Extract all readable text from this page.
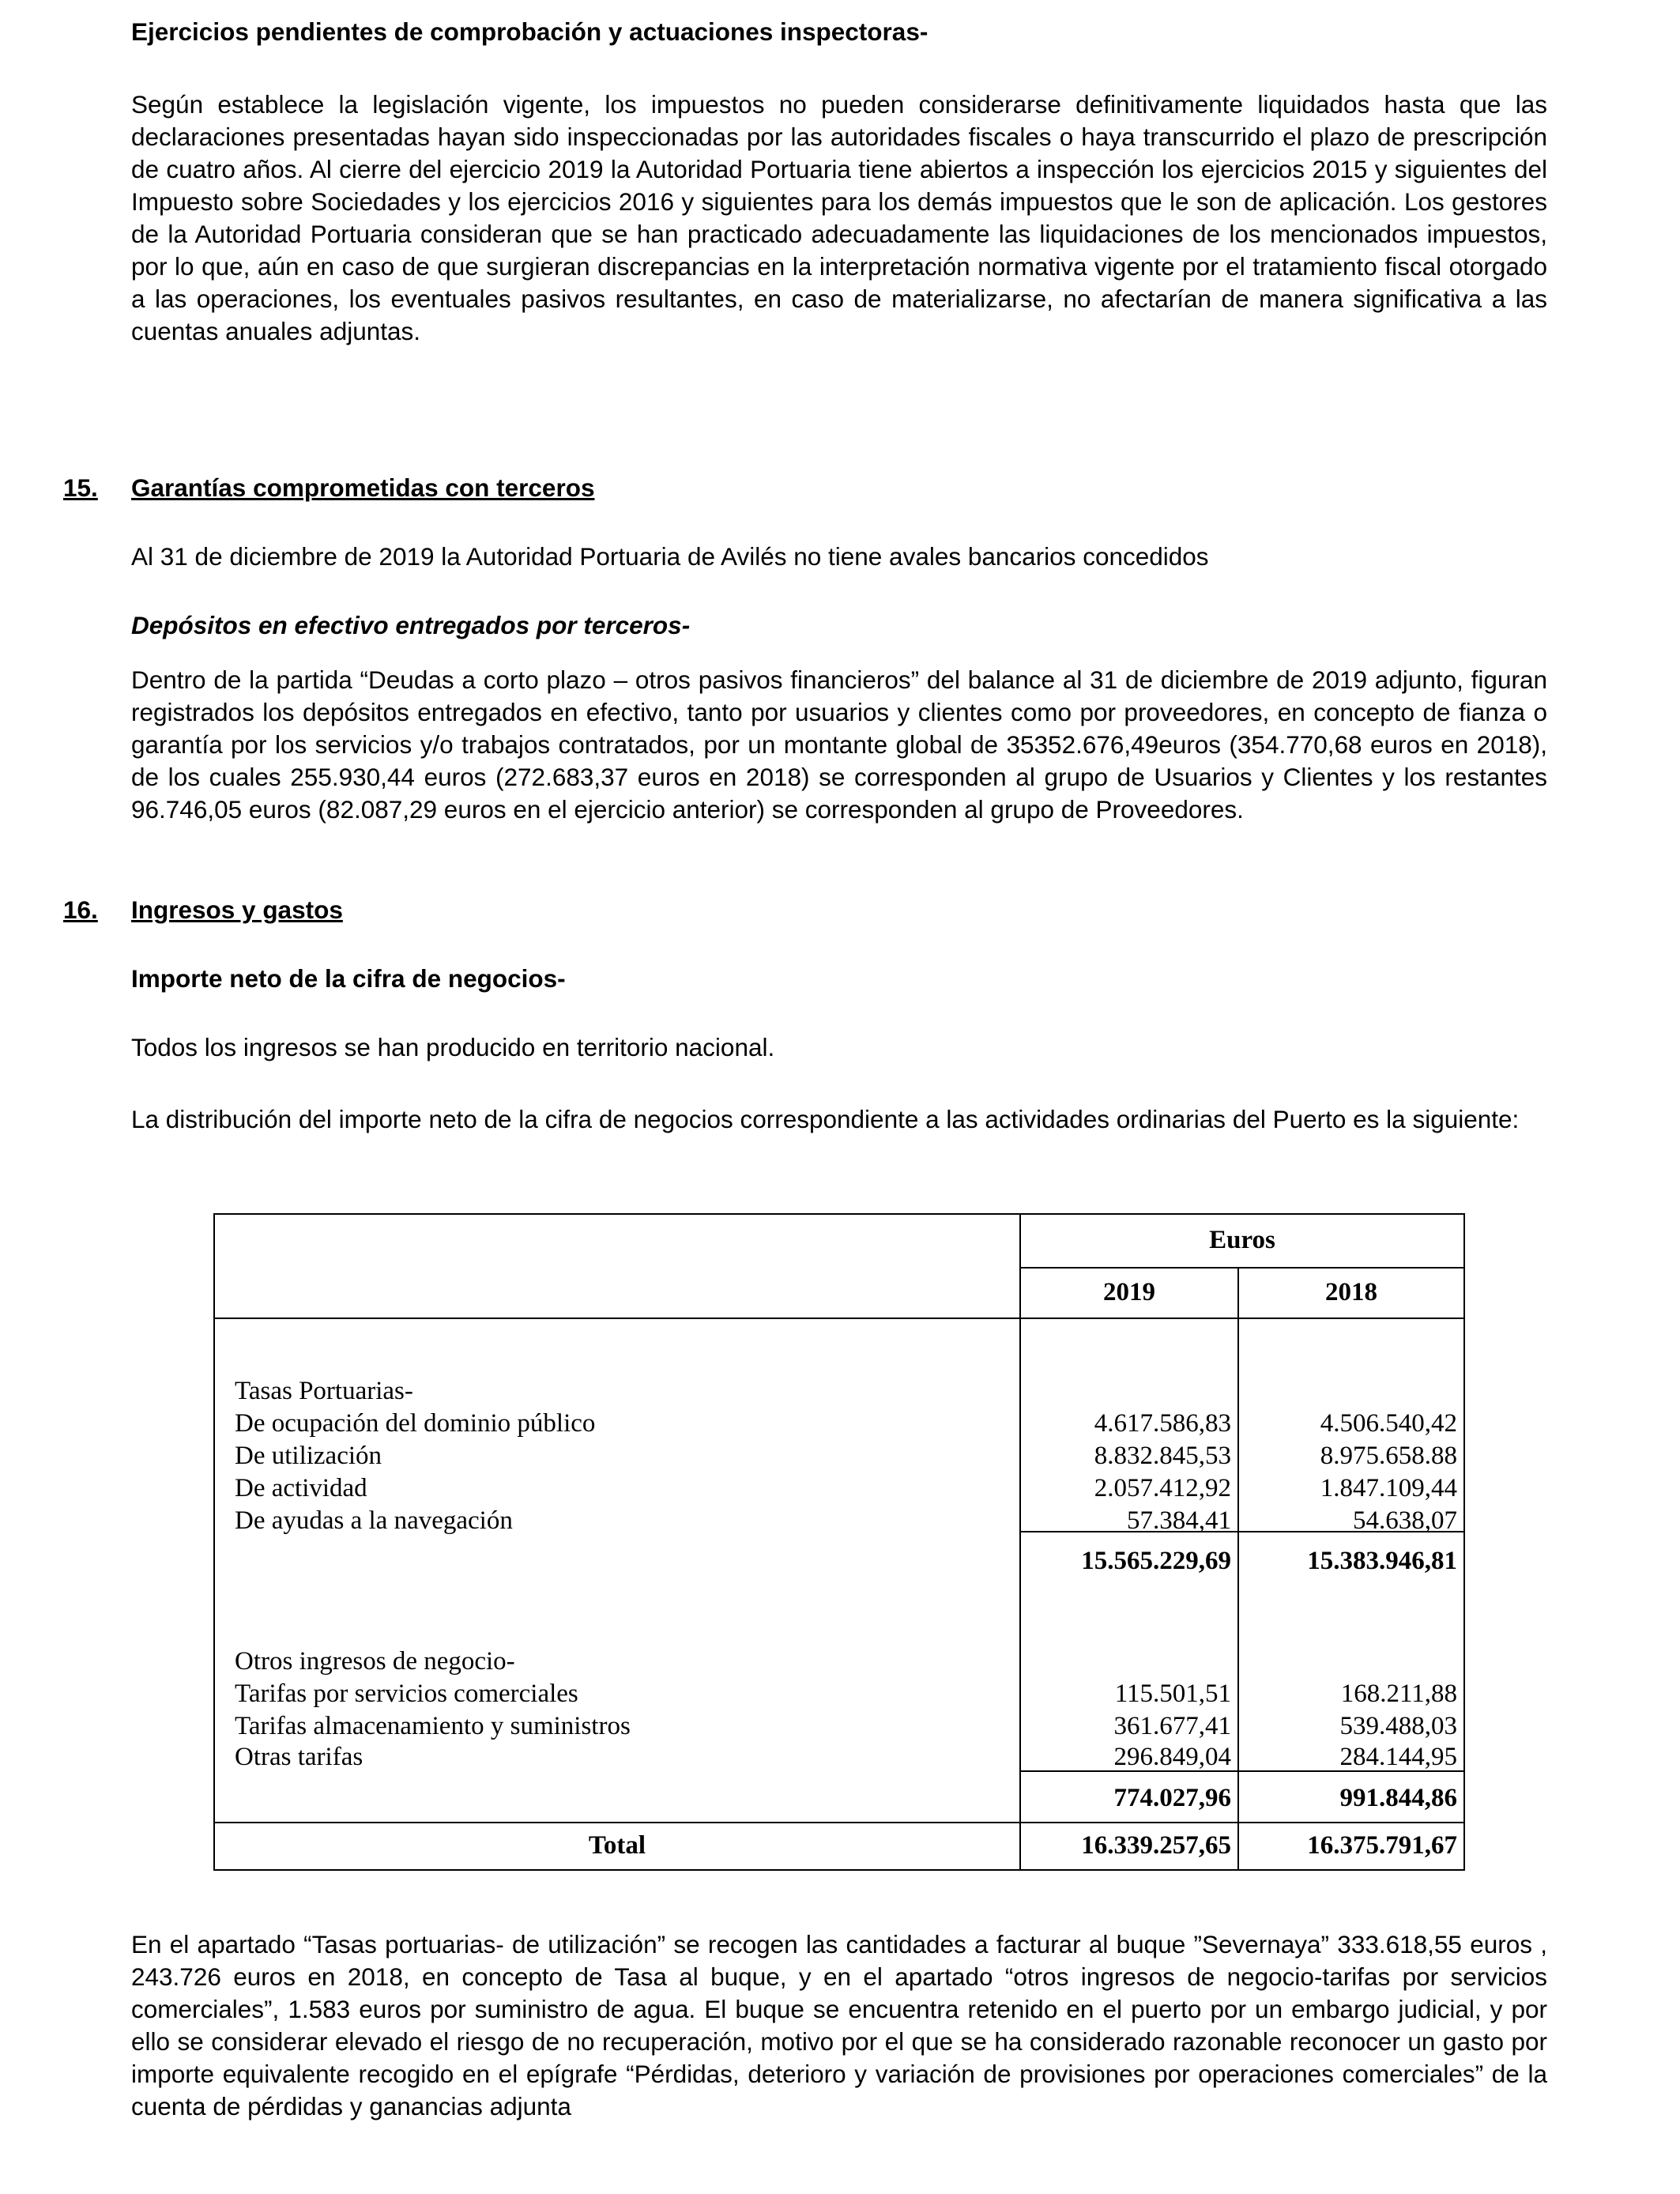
Ejercicios pendientes de comprobación y actuaciones inspectoras-

Según establece la legislación vigente, los impuestos no pueden considerarse definitivamente liquidados hasta que las declaraciones presentadas hayan sido inspeccionadas por las autoridades fiscales o haya transcurrido el plazo de prescripción de cuatro años. Al cierre del ejercicio 2019 la Autoridad Portuaria tiene abiertos a inspección los ejercicios 2015 y siguientes del Impuesto sobre Sociedades y los ejercicios 2016 y siguientes para los demás impuestos que le son de aplicación. Los gestores de la Autoridad Portuaria consideran que se han practicado adecuadamente las liquidaciones de los mencionados impuestos, por lo que, aún en caso de que surgieran discrepancias en la interpretación normativa vigente por el tratamiento fiscal otorgado a las operaciones, los eventuales pasivos resultantes, en caso de materializarse, no afectarían de manera significativa a las cuentas anuales adjuntas.

15. Garantías comprometidas con terceros

Al 31 de diciembre de 2019 la Autoridad Portuaria de Avilés no tiene avales bancarios concedidos

Depósitos en efectivo entregados por terceros-

Dentro de la partida “Deudas a corto plazo – otros pasivos financieros” del balance al 31 de diciembre de 2019 adjunto, figuran registrados los depósitos entregados en efectivo, tanto por usuarios y clientes como por proveedores, en concepto de fianza o garantía por los servicios y/o trabajos contratados, por un montante global de 35352.676,49euros (354.770,68 euros en 2018), de los cuales 255.930,44 euros (272.683,37 euros en 2018) se corresponden al grupo de Usuarios y Clientes y los restantes 96.746,05 euros (82.087,29 euros en el ejercicio anterior) se corresponden al grupo de Proveedores.

16. Ingresos y gastos
Importe neto de la cifra de negocios-

Todos los ingresos se han producido en territorio nacional.

La distribución del importe neto de la cifra de negocios correspondiente a las actividades ordinarias del Puerto es la siguiente:

Euros
2019	2018
Tasas Portuarias-
De ocupación del dominio público	4.617.586,83	4.506.540,42
De utilización	8.832.845,53	8.975.658.88
De actividad	2.057.412,92	1.847.109,44
De ayudas a la navegación	57.384,41	54.638,07
15.565.229,69	15.383.946,81
Otros ingresos de negocio-
Tarifas por servicios comerciales	115.501,51	168.211,88
Tarifas almacenamiento y suministros	361.677,41	539.488,03
Otras tarifas	296.849,04	284.144,95
774.027,96	991.844,86
Total	16.339.257,65	16.375.791,67

En el apartado “Tasas portuarias- de utilización” se recogen las cantidades a facturar al buque ”Severnaya” 333.618,55 euros , 243.726 euros en 2018, en concepto de Tasa al buque, y en el apartado “otros ingresos de negocio-tarifas por servicios comerciales”, 1.583 euros por suministro de agua. El buque se encuentra retenido en el puerto por un embargo judicial, y por ello se considerar elevado el riesgo de no recuperación, motivo por el que se ha considerado razonable reconocer un gasto por importe equivalente recogido en el epígrafe “Pérdidas, deterioro y variación de provisiones por operaciones comerciales” de la cuenta de pérdidas y ganancias adjunta
